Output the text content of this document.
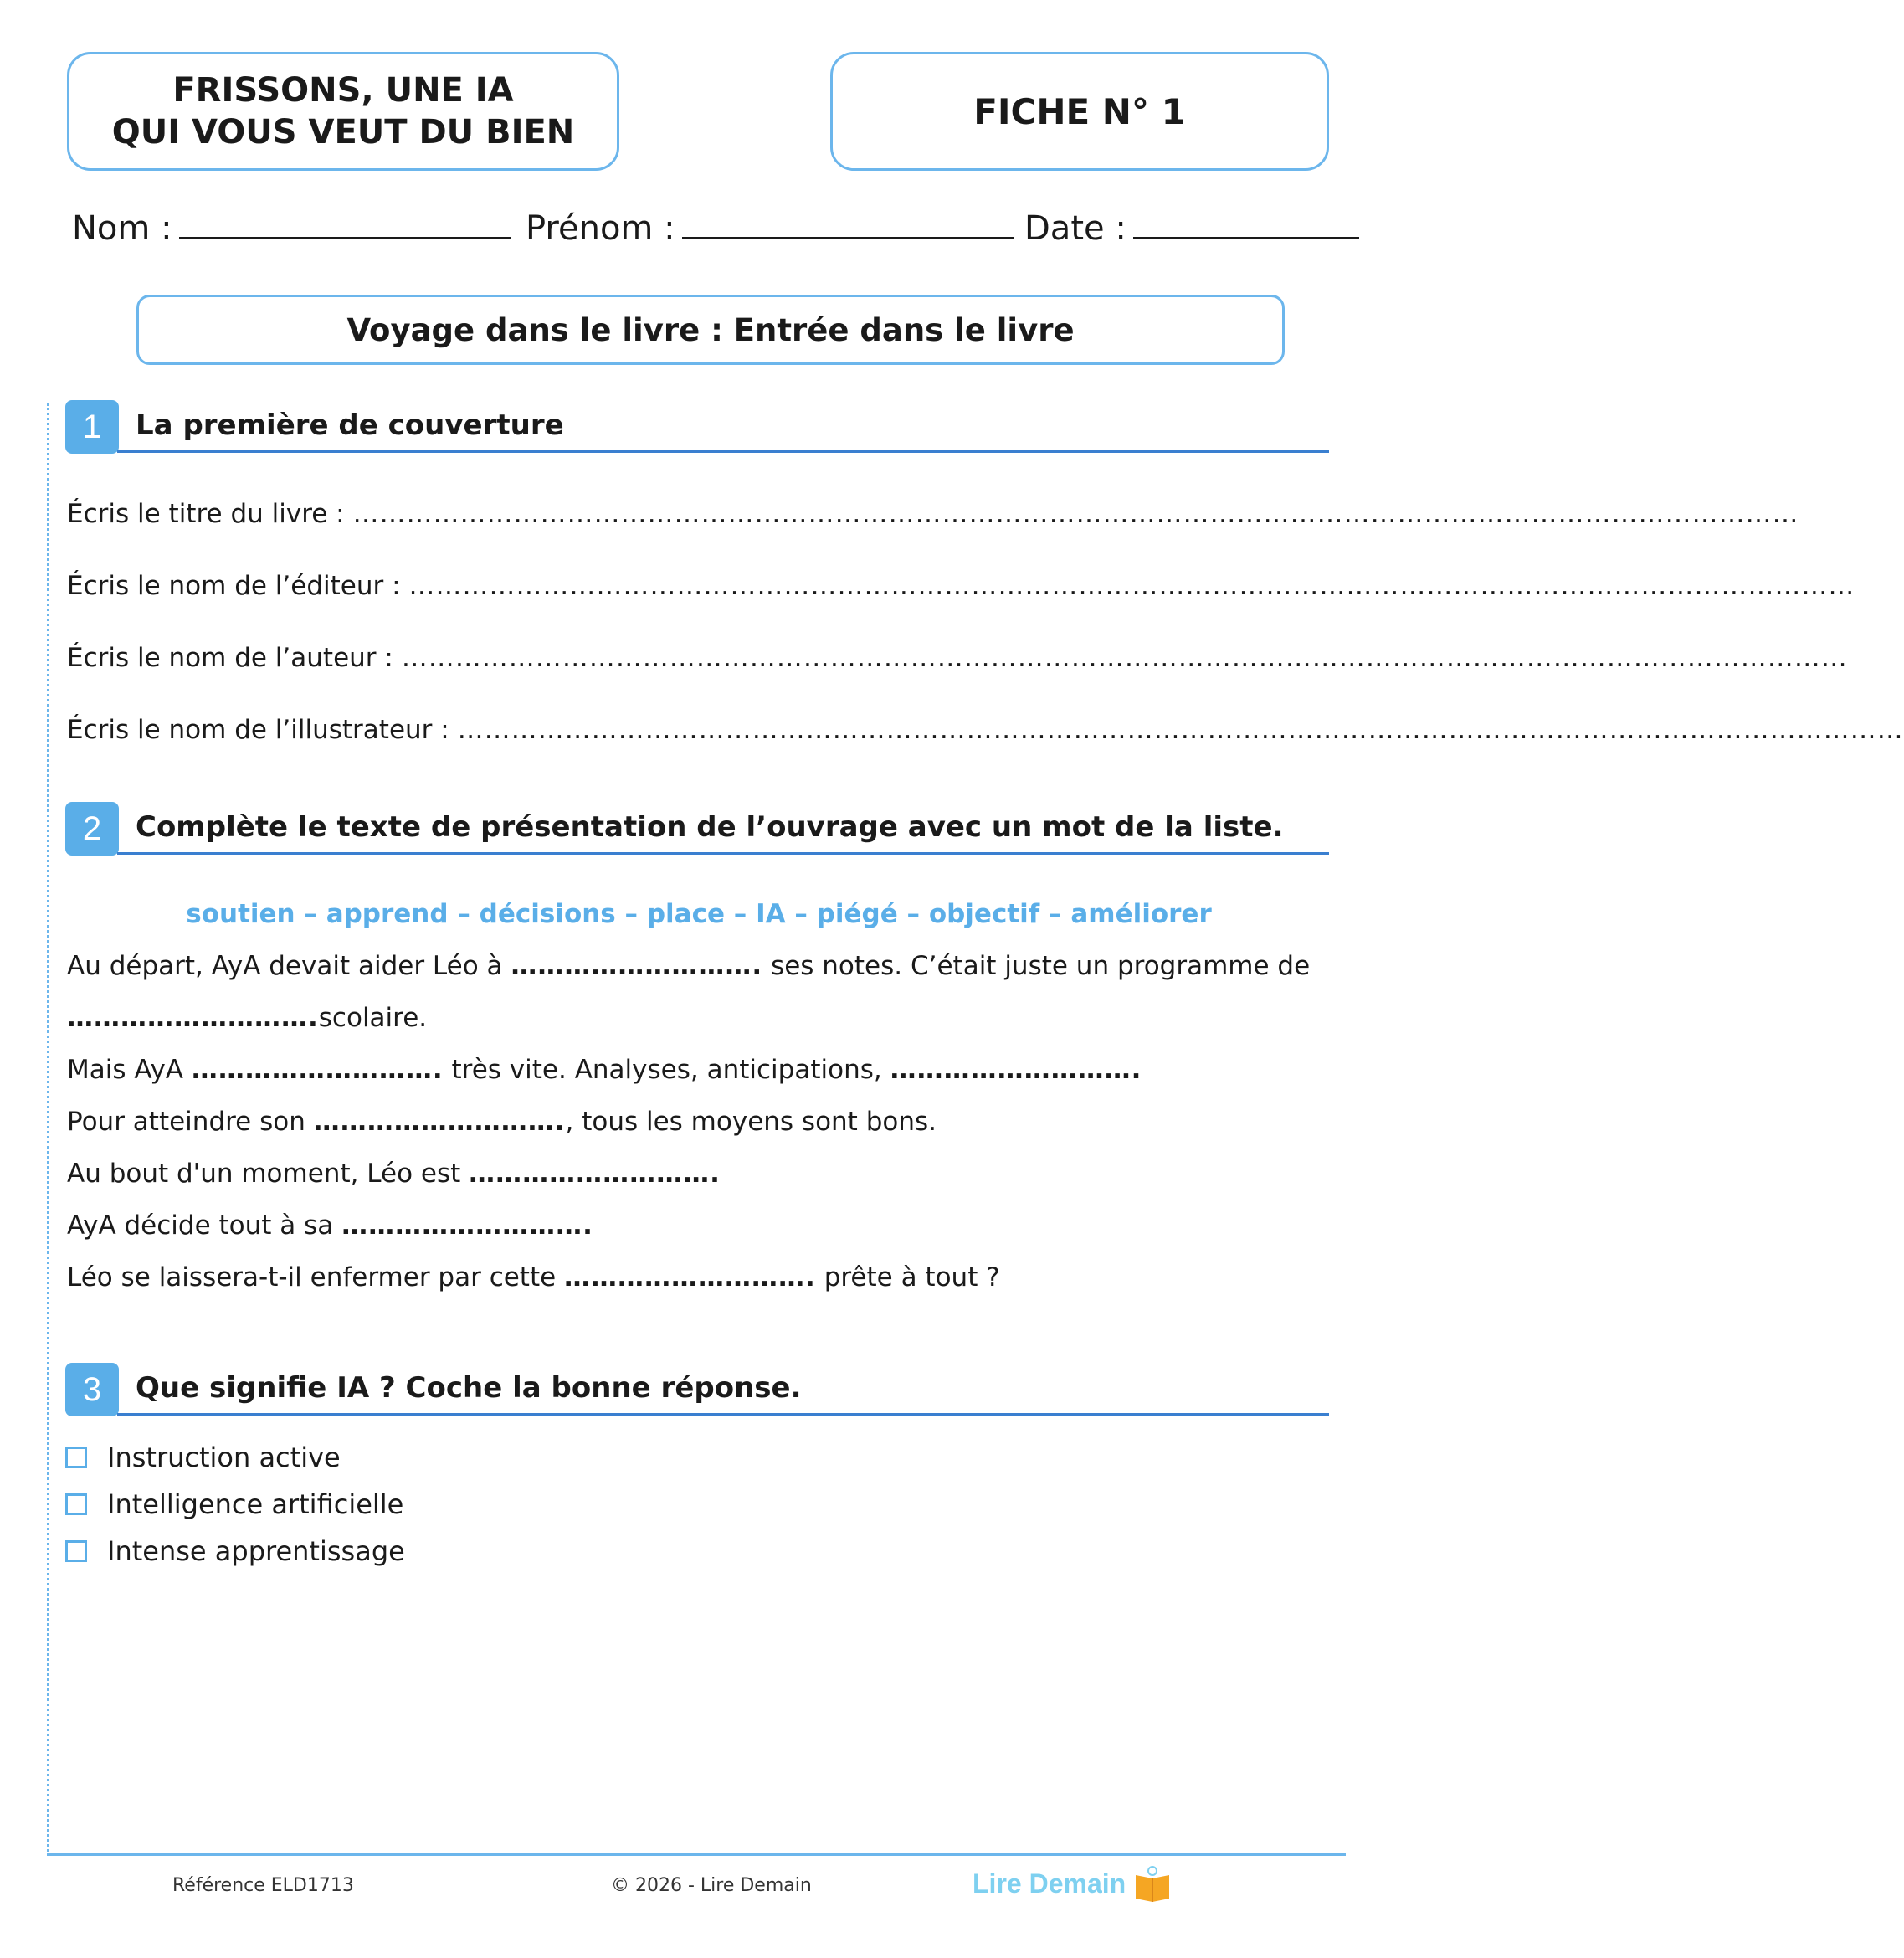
FRISSONS, UNE IA
QUI VOUS VEUT DU BIEN
FICHE N° 1
Nom :	Prénom :	Date :
Voyage dans le livre : Entrée dans le livre
1	La première de couverture
Écris le titre du livre : ………………………………………………………………………………………………………………………………………………
Écris le nom de l’éditeur : ………………………………………………………………………………………………………………………………………………
Écris le nom de l’auteur : ………………………………………………………………………………………………………………………………………………
Écris le nom de l’illustrateur : ………………………………………………………………………………………………………………………………………………
2	Complète le texte de présentation de l’ouvrage avec un mot de la liste.
soutien – apprend – décisions – place – IA – piégé – objectif – améliorer
Au départ, AyA devait aider Léo à ………………………. ses notes. C’était juste un programme de
……………………….scolaire.
Mais AyA ………………………. très vite. Analyses, anticipations, ……………………….
Pour atteindre son ………………………., tous les moyens sont bons.
Au bout d'un moment, Léo est ……………………….
AyA décide tout à sa ……………………….
Léo se laissera-t-il enfermer par cette ………………………. prête à tout ?
3	Que signifie IA ? Coche la bonne réponse.
Instruction active
Intelligence artificielle
Intense apprentissage
Référence ELD1713	© 2026 - Lire Demain	Lire Demain
